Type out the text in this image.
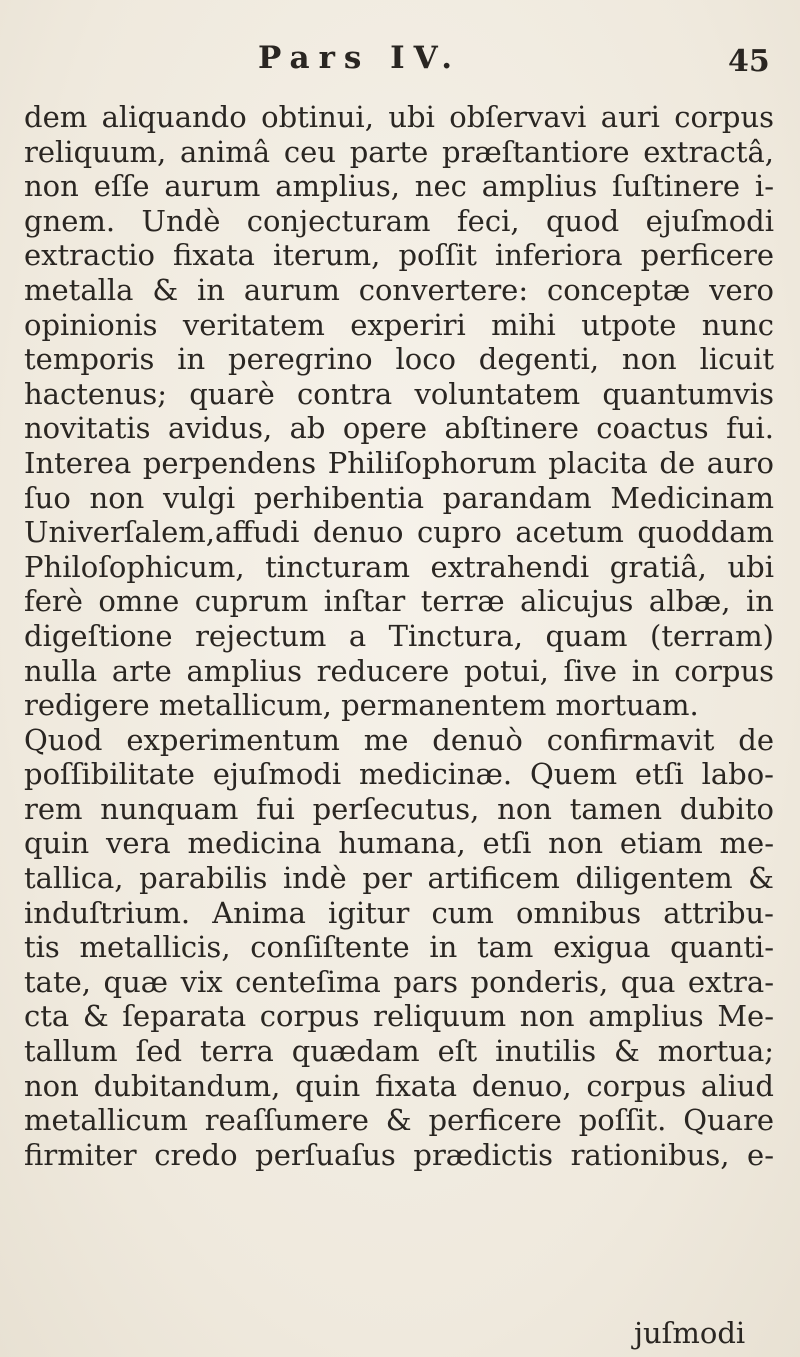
Pars IV.	45
dem aliquando obtinui, ubi obſervavi auri corpus
reliquum, animâ ceu parte præſtantiore extractâ,
non eſſe aurum amplius, nec amplius ſuſtinere i-
gnem. Undè conjecturam feci, quod ejuſmodi
extractio fixata iterum, poſſit inferiora perficere
metalla & in aurum convertere: conceptæ vero
opinionis veritatem experiri mihi utpote nunc
temporis in peregrino loco degenti, non licuit
hactenus; quarè contra voluntatem quantumvis
novitatis avidus, ab opere abſtinere coactus fui.
Interea perpendens Philiſophorum placita de auro
ſuo non vulgi perhibentia parandam Medicinam
Univerſalem,affudi denuo cupro acetum quoddam
Philoſophicum, tincturam extrahendi gratiâ, ubi
ferè omne cuprum inſtar terræ alicujus albæ, in
digeſtione rejectum a Tinctura, quam (terram)
nulla arte amplius reducere potui, ſive in corpus
redigere metallicum, permanentem mortuam.
Quod experimentum me denuò confirmavit de
poſſibilitate ejuſmodi medicinæ. Quem etſi labo-
rem nunquam fui perſecutus, non tamen dubito
quin vera medicina humana, etſi non etiam me-
tallica, parabilis indè per artificem diligentem &
induſtrium. Anima igitur cum omnibus attribu-
tis metallicis, conſiſtente in tam exigua quanti-
tate, quæ vix centeſima pars ponderis, qua extra-
cta & ſeparata corpus reliquum non amplius Me-
tallum ſed terra quædam eſt inutilis & mortua;
non dubitandum, quin fixata denuo, corpus aliud
metallicum reaſſumere & perficere poſſit. Quare
firmiter credo perſuaſus prædictis rationibus, e-
juſmodi
